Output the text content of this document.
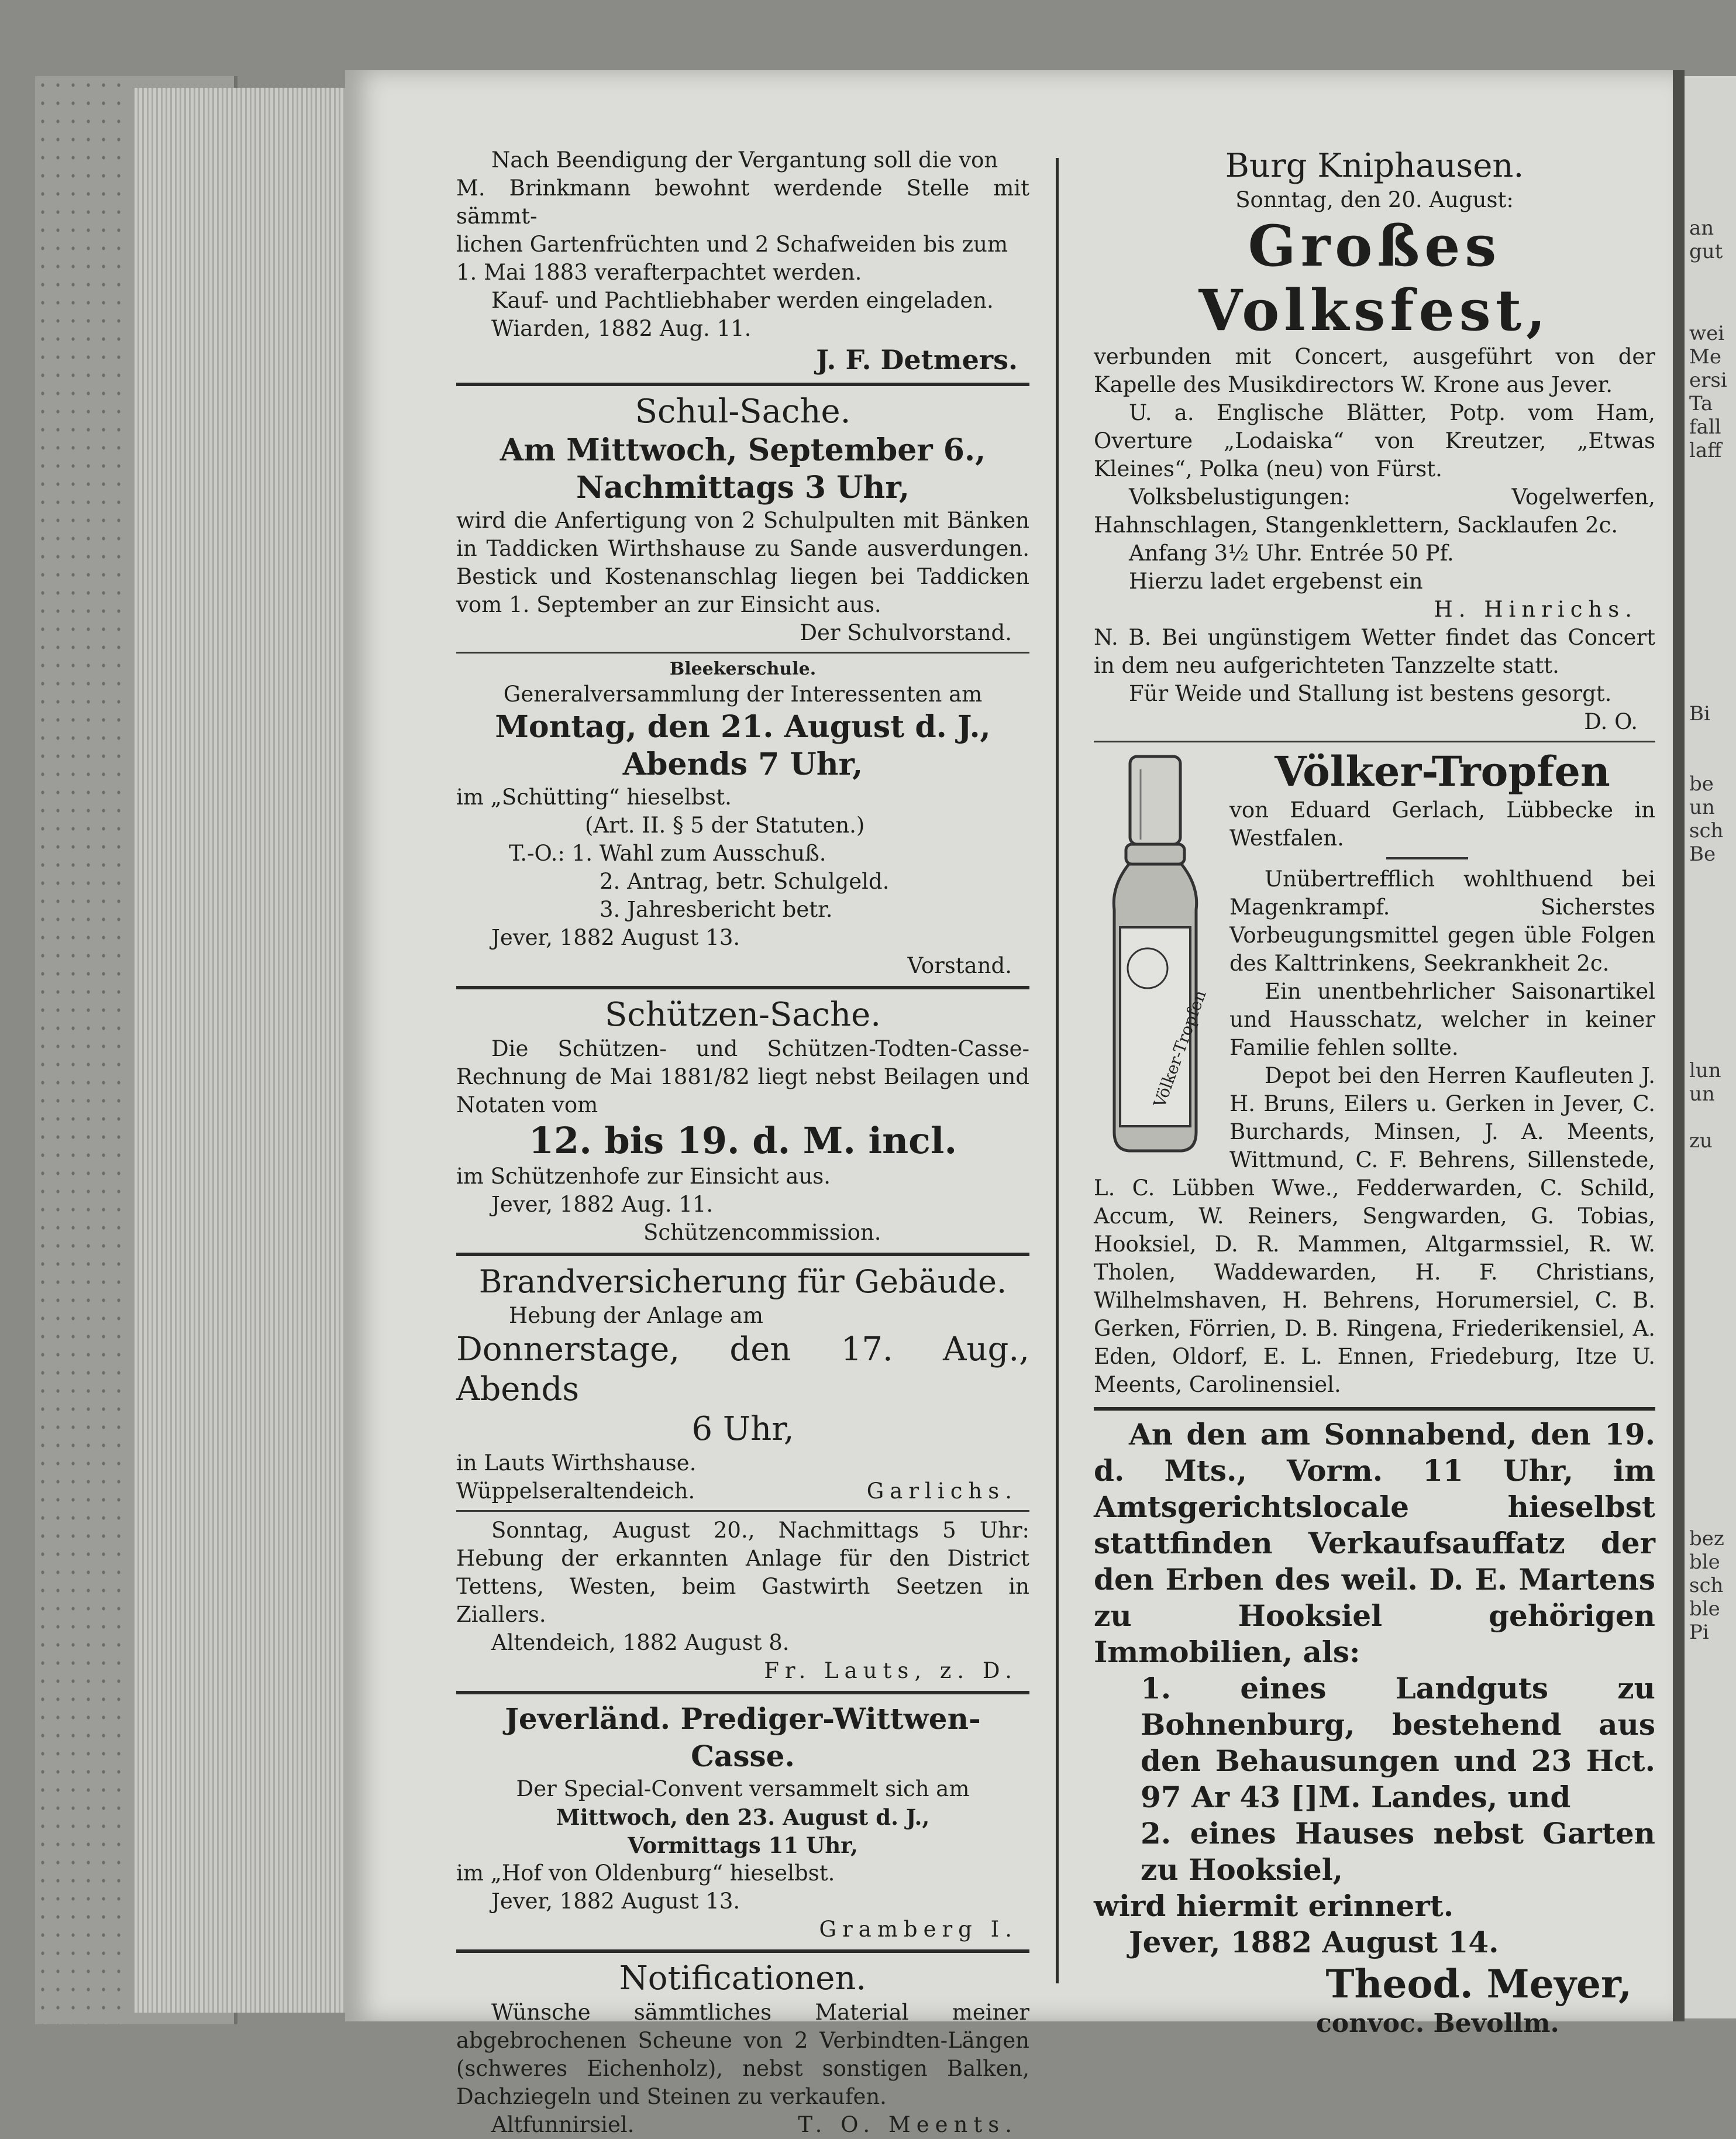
an
gut
wei
Me
ersi
Ta
fall
laff
Bi
be
un
sch
Be
lun
un
zu
bez
ble
sch
ble
Pi
Nach Beendigung der Vergantung soll die von
M. Brinkmann bewohnt werdende Stelle mit sämmt-
lichen Gartenfrüchten und 2 Schafweiden bis zum
1. Mai 1883 verafterpachtet werden.
Kauf- und Pachtliebhaber werden eingeladen.
Wiarden, 1882 Aug. 11.
J. F. Detmers.
Schul-Sache.
Am Mittwoch, September 6.,
Nachmittags 3 Uhr,
wird die Anfertigung von 2 Schulpulten mit Bänken in Taddicken Wirthshause zu Sande ausverdungen. Bestick und Kostenanschlag liegen bei Taddicken vom 1. September an zur Einsicht aus.
Der Schulvorstand.
Bleekerschule.
Generalversammlung der Interessenten am
Montag, den 21. August d. J.,
Abends 7 Uhr,
im „Schütting“ hieselbst.
(Art. II. § 5 der Statuten.)
T.-O.: 1. Wahl zum Ausschuß.
2. Antrag, betr. Schulgeld.
3. Jahresbericht betr.
Jever, 1882 August 13.
Vorstand.
Schützen-Sache.
Die Schützen- und Schützen-Todten-Casse-Rechnung de Mai 1881/82 liegt nebst Beilagen und Notaten vom
12. bis 19. d. M. incl.
im Schützenhofe zur Einsicht aus.
Jever, 1882 Aug. 11.
Schützencommission.
Brandversicherung für Gebäude.
Hebung der Anlage am
Donnerstage, den 17. Aug., Abends
6 Uhr,
in Lauts Wirthshause.
Wüppelseraltendeich.	Garlichs.
Sonntag, August 20., Nachmittags 5 Uhr: Hebung der erkannten Anlage für den District Tettens, Westen, beim Gastwirth Seetzen in Ziallers.
Altendeich, 1882 August 8.
Fr. Lauts, z. D.
Jeverländ. Prediger-Wittwen-Casse.
Der Special-Convent versammelt sich am
Mittwoch, den 23. August d. J.,
Vormittags 11 Uhr,
im „Hof von Oldenburg“ hieselbst.
Jever, 1882 August 13.
Gramberg I.
Notificationen.
Wünsche sämmtliches Material meiner abgebrochenen Scheune von 2 Verbindten-Längen (schweres Eichenholz), nebst sonstigen Balken, Dachziegeln und Steinen zu verkaufen.
Altfunnirsiel.	T. O. Meents.
Burg Kniphausen.
Sonntag, den 20. August:
Großes Volksfest,
verbunden mit Concert, ausgeführt von der Kapelle des Musikdirectors W. Krone aus Jever.
U. a. Englische Blätter, Potp. vom Ham, Overture „Lodaiska“ von Kreutzer, „Etwas Kleines“, Polka (neu) von Fürst.
Volksbelustigungen: Vogelwerfen, Hahnschlagen, Stangenklettern, Sacklaufen 2c.
Anfang 3½ Uhr. Entrée 50 Pf.
Hierzu ladet ergebenst ein
H. Hinrichs.
N. B. Bei ungünstigem Wetter findet das Concert in dem neu aufgerichteten Tanzzelte statt.
Für Weide und Stallung ist bestens gesorgt.
D. O.
Völker-Tropfen
Völker-Tropfen
von Eduard Gerlach, Lübbecke in Westfalen.
Unübertrefflich wohlthuend bei Magenkrampf. Sicherstes Vorbeugungsmittel gegen üble Folgen des Kalttrinkens, Seekrankheit 2c.
Ein unentbehrlicher Saisonartikel und Hausschatz, welcher in keiner Familie fehlen sollte.
Depot bei den Herren Kaufleuten J. H. Bruns, Eilers u. Gerken in Jever, C. Burchards, Minsen, J. A. Meents, Wittmund, C. F. Behrens, Sillenstede, L. C. Lübben Wwe., Fedderwarden, C. Schild, Accum, W. Reiners, Sengwarden, G. Tobias, Hooksiel, D. R. Mammen, Altgarmssiel, R. W. Tholen, Waddewarden, H. F. Christians, Wilhelmshaven, H. Behrens, Horumersiel, C. B. Gerken, Förrien, D. B. Ringena, Friederikensiel, A. Eden, Oldorf, E. L. Ennen, Friedeburg, Itze U. Meents, Carolinensiel.
An den am Sonnabend, den 19. d. Mts., Vorm. 11 Uhr, im Amtsgerichtslocale hieselbst stattfinden Verkaufsauffatz der den Erben des weil. D. E. Martens zu Hooksiel gehörigen Immobilien, als:
1. eines Landguts zu Bohnenburg, bestehend aus den Behausungen und 23 Hct. 97 Ar 43 []M. Landes, und
2. eines Hauses nebst Garten zu Hooksiel,
wird hiermit erinnert.
Jever, 1882 August 14.
Theod. Meyer,
convoc. Bevollm.
